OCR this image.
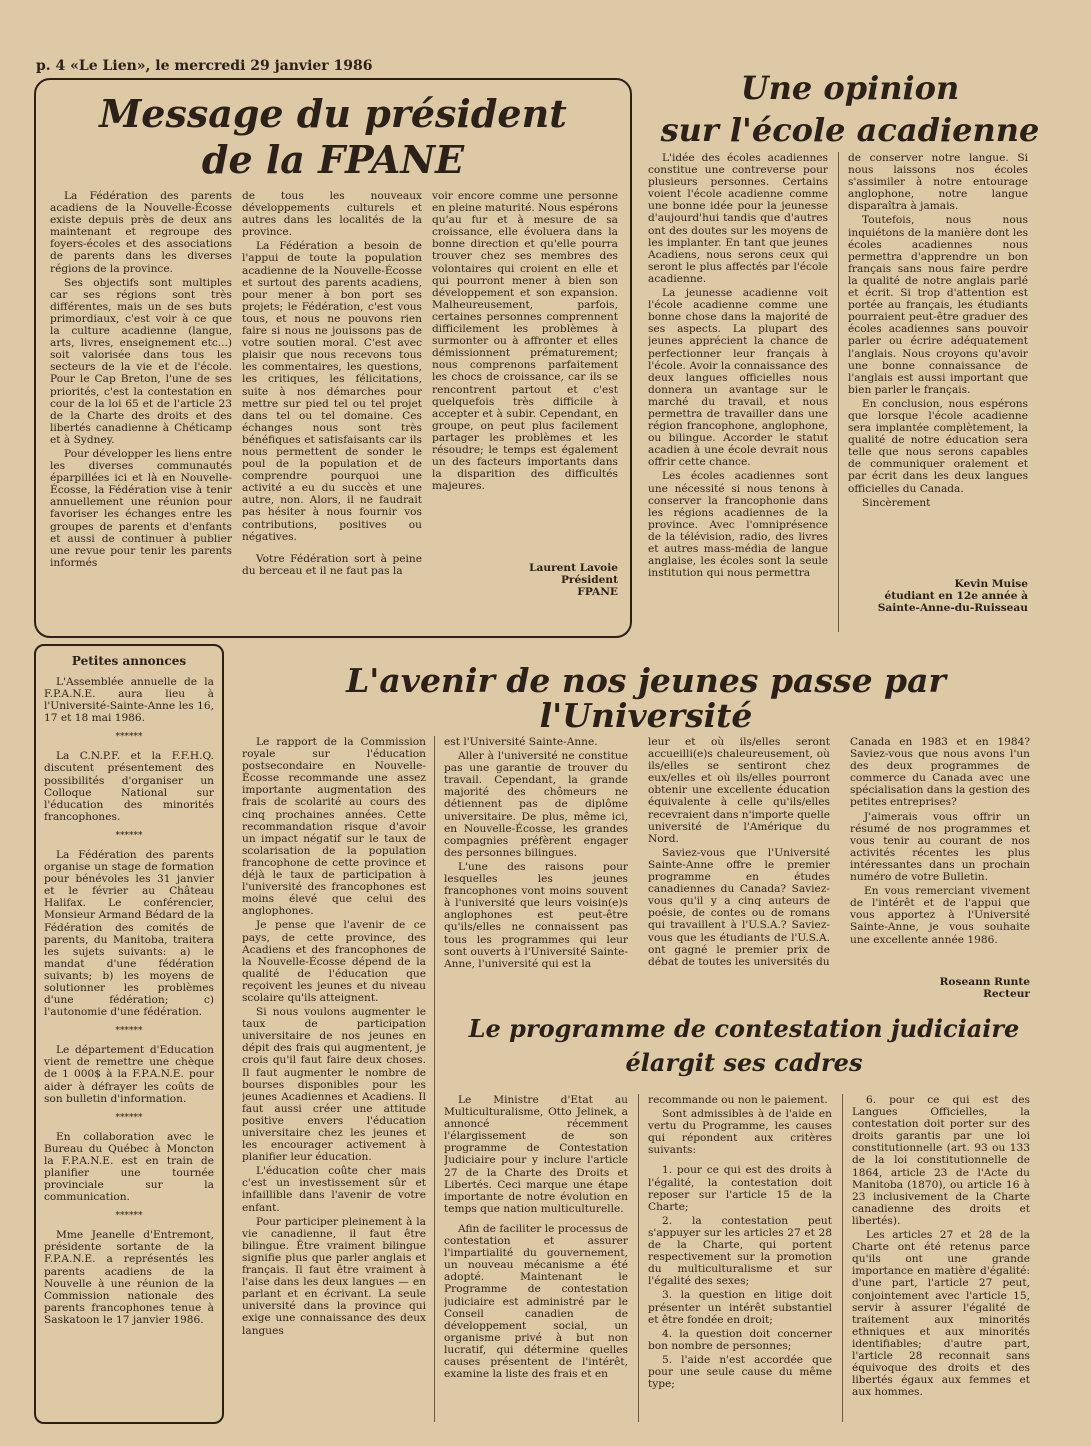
p. 4 «Le Lien», le mercredi 29 janvier 1986
Message du président
de la FPANE

La Fédération des parents acadiens de la Nouvelle-Écosse existe depuis près de deux ans maintenant et regroupe des foyers-écoles et des associations de parents dans les diverses régions de la province.

Ses objectifs sont multiples car ses régions sont très différentes, mais un de ses buts primordiaux, c'est voir à ce que la culture acadienne (langue, arts, livres, enseignement etc...) soit valorisée dans tous les secteurs de la vie et de l'école. Pour le Cap Breton, l'une de ses priorités, c'est la contestation en cour de la loi 65 et de l'article 23 de la Charte des droits et des libertés canadienne à Chéticamp et à Sydney.

Pour développer les liens entre les diverses communautés éparpillées ici et là en Nouvelle-Écosse, la Fédération vise à tenir annuellement une réunion pour favoriser les échanges entre les groupes de parents et d'enfants et aussi de continuer à publier une revue pour tenir les parents informés

de tous les nouveaux développements culturels et autres dans les localités de la province.

La Fédération a besoin de l'appui de toute la population acadienne de la Nouvelle-Écosse et surtout des parents acadiens, pour mener à bon port ses projets; le Fédération, c'est vous tous, et nous ne pouvons rien faire si nous ne jouissons pas de votre soutien moral. C'est avec plaisir que nous recevons tous les commentaires, les questions, les critiques, les félicitations, suite à nos démarches pour mettre sur pied tel ou tel projet dans tel ou tel domaine. Ces échanges nous sont très bénéfiques et satisfaisants car ils nous permettent de sonder le poul de la population et de comprendre pourquoi une activité a eu du succès et une autre, non. Alors, il ne faudrait pas hésiter à nous fournir vos contributions, positives ou négatives.

Votre Fédération sort à peine du berceau et il ne faut pas la

voir encore comme une personne en pleine maturité. Nous espérons qu'au fur et à mesure de sa croissance, elle évoluera dans la bonne direction et qu'elle pourra trouver chez ses membres des volontaires qui croient en elle et qui pourront mener à bien son développement et son expansion. Malheureusement, parfois, certaines personnes comprennent difficilement les problèmes à surmonter ou à affronter et elles démissionnent prématurement; nous comprenons parfaitement les chocs de croissance, car ils se rencontrent partout et c'est quelquefois très difficile à accepter et à subir. Cependant, en groupe, on peut plus facilement partager les problèmes et les résoudre; le temps est également un des facteurs importants dans la disparition des difficultés majeures.

Laurent Lavoie
Président
FPANE
Une opinion
sur l'école acadienne

L'idée des écoles acadiennes constitue une contreverse pour plusieurs personnes. Certains voient l'école acadienne comme une bonne idée pour la jeunesse d'aujourd'hui tandis que d'autres ont des doutes sur les moyens de les implanter. En tant que jeunes Acadiens, nous serons ceux qui seront le plus affectés par l'école acadienne.

La jeunesse acadienne voit l'école acadienne comme une bonne chose dans la majorité de ses aspects. La plupart des jeunes apprécient la chance de perfectionner leur français à l'école. Avoir la connaissance des deux langues officielles nous donnera un avantage sur le marché du travail, et nous permettra de travailler dans une région francophone, anglophone, ou bilingue. Accorder le statut acadien à une école devrait nous offrir cette chance.

Les écoles acadiennes sont une nécessité si nous tenons à conserver la francophonie dans les régions acadiennes de la province. Avec l'omniprésence de la télévision, radio, des livres et autres mass-média de langue anglaise, les écoles sont la seule institution qui nous permettra

de conserver notre langue. Si nous laissons nos écoles s'assimiler à notre entourage anglophone, notre langue disparaîtra à jamais.

Toutefois, nous nous inquiétons de la manière dont les écoles acadiennes nous permettra d'apprendre un bon français sans nous faire perdre la qualité de notre anglais parlé et écrit. Si trop d'attention est portée au français, les étudiants pourraient peut-être graduer des écoles acadiennes sans pouvoir parler ou écrire adéquatement l'anglais. Nous croyons qu'avoir une bonne connaissance de l'anglais est aussi important que bien parler le français.

En conclusion, nous espérons que lorsque l'école acadienne sera implantée complètement, la qualité de notre éducation sera telle que nous serons capables de communiquer oralement et par écrit dans les deux langues officielles du Canada.

Sincèrement

Kevin Muise
étudiant en 12e année à
Sainte-Anne-du-Ruisseau
Petites annonces

L'Assemblée annuelle de la F.P.A.N.E. aura lieu à l'Université-Sainte-Anne les 16, 17 et 18 mai 1986.

******

La C.N.P.F. et la F.F.H.Q. discutent présentement des possibilités d'organiser un Colloque National sur l'éducation des minorités francophones.

******

La Fédération des parents organise un stage de formation pour bénévoles les 31 janvier et le février au Château Halifax. Le conférencier, Monsieur Armand Bédard de la Fédération des comités de parents, du Manitoba, traitera les sujets suivants: a) le mandat d'une fédération suivants; b) les moyens de solutionner les problèmes d'une fédération; c) l'autonomie d'une fédération.

******

Le département d'Education vient de remettre une chèque de 1 000$ à la F.P.A.N.E. pour aider à défrayer les coûts de son bulletin d'information.

******

En collaboration avec le Bureau du Québec à Moncton la F.P.A.N.E. est en train de planifier une tournée provinciale sur la communication.

******

Mme Jeanelle d'Entremont, présidente sortante de la F.P.A.N.E. a représentés les parents acadiens de la Nouvelle à une réunion de la Commission nationale des parents francophones tenue à Saskatoon le 17 janvier 1986.

L'avenir de nos jeunes passe par l'Université

Le rapport de la Commission royale sur l'éducation postsecondaire en Nouvelle-Écosse recommande une assez importante augmentation des frais de scolarité au cours des cinq prochaines années. Cette recommandation risque d'avoir un impact négatif sur le taux de scolarisation de la population francophone de cette province et déjà le taux de participation à l'université des francophones est moins élevé que celui des anglophones.

Je pense que l'avenir de ce pays, de cette province, des Acadiens et des francophones de la Nouvelle-Écosse dépend de la qualité de l'éducation que reçoivent les jeunes et du niveau scolaire qu'ils atteignent.

Si nous voulons augmenter le taux de participation universitaire de nos jeunes en dépit des frais qui augmentent, je crois qu'il faut faire deux choses. Il faut augmenter le nombre de bourses disponibles pour les jeunes Acadiennes et Acadiens. Il faut aussi créer une attitude positive envers l'éducation universitaire chez les jeunes et les encourager activement à planifier leur éducation.

L'éducation coûte cher mais c'est un investissement sûr et infaillible dans l'avenir de votre enfant.

Pour participer pleinement à la vie canadienne, il faut être bilingue. Être vraiment bilingue signifie plus que parler anglais et français. Il faut être vraiment à l'aise dans les deux langues — en parlant et en écrivant. La seule université dans la province qui exige une connaissance des deux langues

est l'Université Sainte-Anne.

Aller à l'université ne constitue pas une garantie de trouver du travail. Cependant, la grande majorité des chômeurs ne détiennent pas de diplôme universitaire. De plus, même ici, en Nouvelle-Écosse, les grandes compagnies préfèrent engager des personnes bilingues.

L'une des raisons pour lesquelles les jeunes francophones vont moins souvent à l'université que leurs voisin(e)s anglophones est peut-être qu'ils/elles ne connaissent pas tous les programmes qui leur sont ouverts à l'Université Sainte-Anne, l'université qui est la

leur et où ils/elles seront accueilli(e)s chaleureusement, où ils/elles se sentiront chez eux/elles et où ils/elles pourront obtenir une excellente éducation équivalente à celle qu'ils/elles recevraient dans n'importe quelle université de l'Amérique du Nord.

Saviez-vous que l'Université Sainte-Anne offre le premier programme en études canadiennes du Canada? Saviez-vous qu'il y a cinq auteurs de poésie, de contes ou de romans qui travaillent à l'U.S.A.? Saviez-vous que les étudiants de l'U.S.A. ont gagné le premier prix de débat de toutes les universités du

Canada en 1983 et en 1984? Saviez-vous que nous avons l'un des deux programmes de commerce du Canada avec une spécialisation dans la gestion des petites entreprises?

J'aimerais vous offrir un résumé de nos programmes et vous tenir au courant de nos activités récentes les plus intéressantes dans un prochain numéro de votre Bulletin.

En vous remerciant vivement de l'intérêt et de l'appui que vous apportez à l'Université Sainte-Anne, je vous souhaite une excellente année 1986.

Roseann Runte
Recteur
Le programme de contestation judiciaire
élargit ses cadres

Le Ministre d'Etat au Multiculturalisme, Otto Jelinek, a annoncé récemment l'élargissement de son programme de Contestation Judiciaire pour y inclure l'article 27 de la Charte des Droits et Libertés. Ceci marque une étape importante de notre évolution en temps que nation multiculturelle.

Afin de faciliter le processus de contestation et assurer l'impartialité du gouvernement, un nouveau mécanisme a été adopté. Maintenant le Programme de contestation judiciaire est administré par le Conseil canadien de développement social, un organisme privé à but non lucratif, qui détermine quelles causes présentent de l'intérêt, examine la liste des frais et en

recommande ou non le paiement.

Sont admissibles à de l'aide en vertu du Programme, les causes qui répondent aux critères suivants:

1. pour ce qui est des droits à l'égalité, la contestation doit reposer sur l'article 15 de la Charte;

2. la contestation peut s'appuyer sur les articles 27 et 28 de la Charte, qui portent respectivement sur la promotion du multiculturalisme et sur l'égalité des sexes;

3. la question en litige doit présenter un intérêt substantiel et être fondée en droit;

4. la question doit concerner bon nombre de personnes;

5. l'aide n'est accordée que pour une seule cause du même type;

6. pour ce qui est des Langues Officielles, la contestation doit porter sur des droits garantis par une loi constitutionnelle (art. 93 ou 133 de la loi constitutionnelle de 1864, article 23 de l'Acte du Manitoba (1870), ou article 16 à 23 inclusivement de la Charte canadienne des droits et libertés).

Les articles 27 et 28 de la Charte ont été retenus parce qu'ils ont une grande importance en matière d'égalité: d'une part, l'article 27 peut, conjointement avec l'article 15, servir à assurer l'égalité de traitement aux minorités ethniques et aux minorités identifiables; d'autre part, l'article 28 reconnait sans équivoque des droits et des libertés égaux aux femmes et aux hommes.
